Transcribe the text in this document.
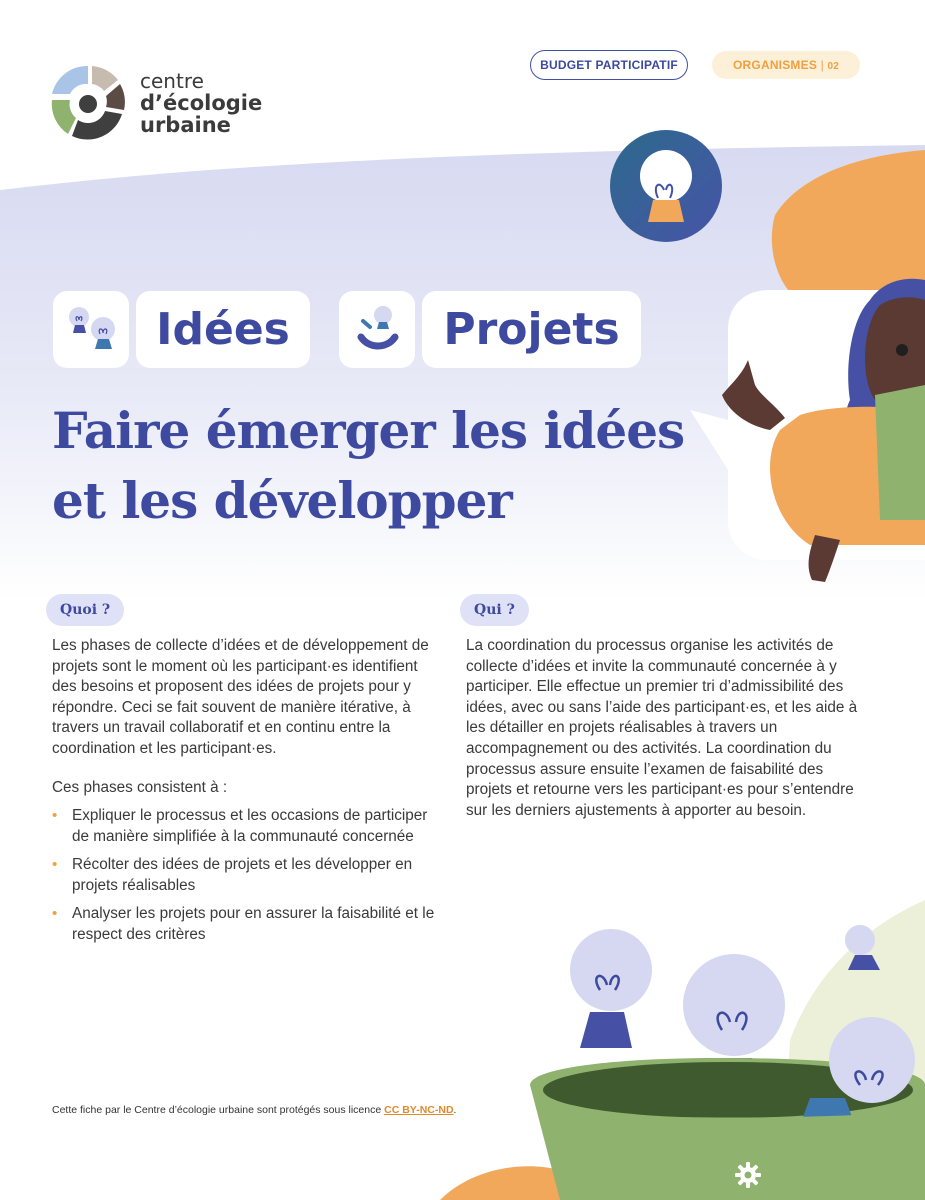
centre
d’écologie
urbaine
BUDGET PARTICIPATIF	ORGANISMES | 02
Idées	Projets
Faire émerger les idées
et les développer
Quoi ?

Les phases de collecte d’idées et de développement de projets sont le moment où les participant·es identifient des besoins et proposent des idées de projets pour y répondre. Ceci se fait souvent de manière itérative, à travers un travail collaboratif et en continu entre la coordination et les participant·es.

Ces phases consistent à :

• Expliquer le processus et les occasions de participer de manière simplifiée à la communauté concernée
• Récolter des idées de projets et les développer en projets réalisables
• Analyser les projets pour en assurer la faisabilité et le respect des critères
Qui ?

La coordination du processus organise les activités de collecte d’idées et invite la communauté concernée à y participer. Elle effectue un premier tri d’admissibilité des idées, avec ou sans l’aide des participant·es, et les aide à les détailler en projets réalisables à travers un accompagnement ou des activités. La coordination du processus assure ensuite l’examen de faisabilité des projets et retourne vers les participant·es pour s’entendre sur les derniers ajustements à apporter au besoin.

Cette fiche par le Centre d’écologie urbaine sont protégés sous licence CC BY-NC-ND.
